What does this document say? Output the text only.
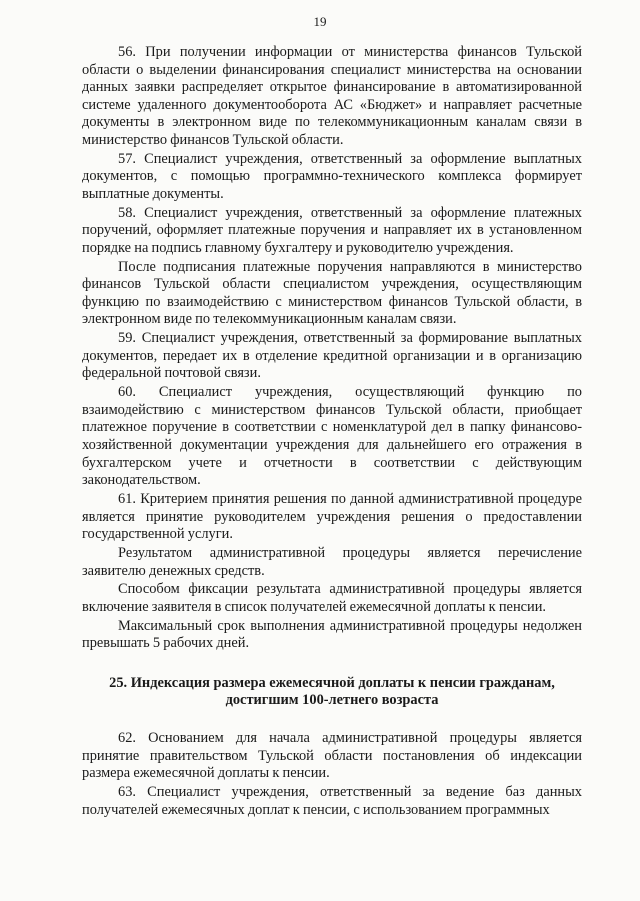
19

56. При получении информации от министерства финансов Тульской области о выделении финансирования специалист министерства на основании данных заявки распределяет открытое финансирование в автоматизированной системе удаленного документооборота АС «Бюджет» и направляет расчетные документы в электронном виде по телекоммуникационным каналам связи в министерство финансов Тульской области.

57. Специалист учреждения, ответственный за оформление выплатных документов, с помощью программно-технического комплекса формирует выплатные документы.

58. Специалист учреждения, ответственный за оформление платежных поручений, оформляет платежные поручения и направляет их в установленном порядке на подпись главному бухгалтеру и руководителю учреждения.

После подписания платежные поручения направляются в министерство финансов Тульской области специалистом учреждения, осуществляющим функцию по взаимодействию с министерством финансов Тульской области, в электронном виде по телекоммуникационным каналам связи.

59. Специалист учреждения, ответственный за формирование выплатных документов, передает их в отделение кредитной организации и в организацию федеральной почтовой связи.

60. Специалист учреждения, осуществляющий функцию по взаимодействию с министерством финансов Тульской области, приобщает платежное поручение в соответствии с номенклатурой дел в папку финансово-хозяйственной документации учреждения для дальнейшего его отражения в бухгалтерском учете и отчетности в соответствии с действующим законодательством.

61. Критерием принятия решения по данной административной процедуре является принятие руководителем учреждения решения о предоставлении государственной услуги.

Результатом административной процедуры является перечисление заявителю денежных средств.

Способом фиксации результата административной процедуры является включение заявителя в список получателей ежемесячной доплаты к пенсии.

Максимальный срок выполнения административной процедуры недолжен превышать 5 рабочих дней.

25. Индексация размера ежемесячной доплаты к пенсии гражданам,

достигшим 100-летнего возраста

62. Основанием для начала административной процедуры является принятие правительством Тульской области постановления об индексации размера ежемесячной доплаты к пенсии.

63. Специалист учреждения, ответственный за ведение баз данных получателей ежемесячных доплат к пенсии, с использованием программных
